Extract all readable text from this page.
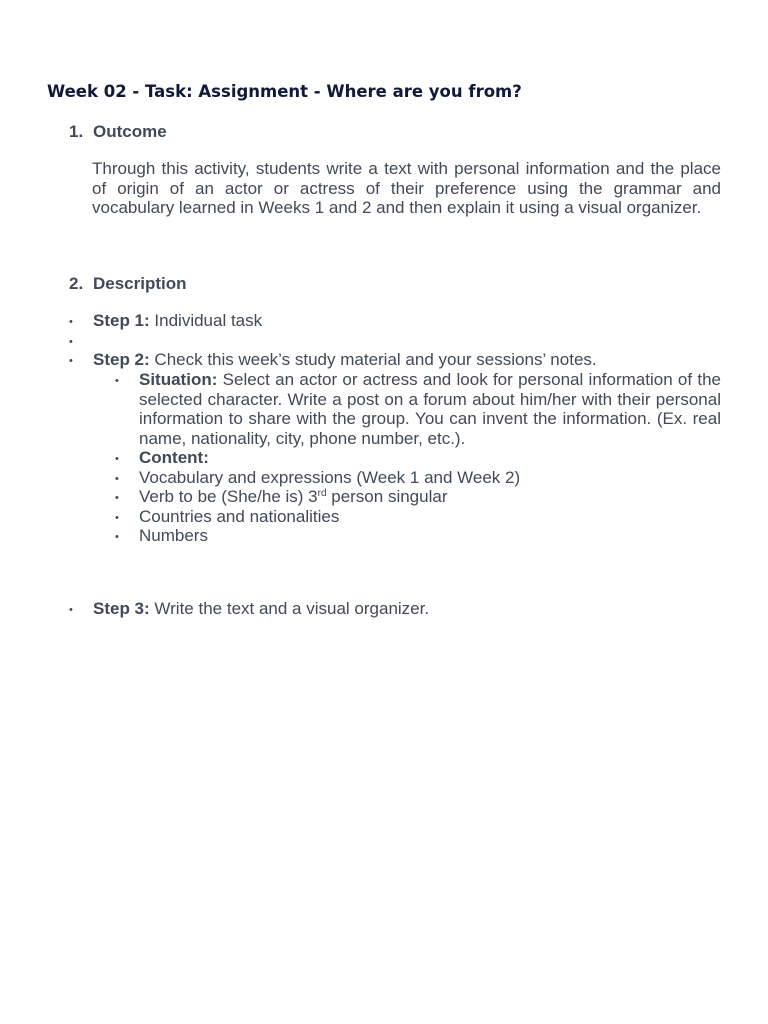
Week 02 - Task: Assignment - Where are you from?
1. Outcome

Through this activity, students write a text with personal information and the place of origin of an actor or actress of their preference using the grammar and vocabulary learned in Weeks 1 and 2 and then explain it using a visual organizer.

2. Description
• Step 1: Individual task
•
• Step 2: Check this week’s study material and your sessions’ notes.
• Situation: Select an actor or actress and look for personal information of the selected character. Write a post on a forum about him/her with their personal information to share with the group. You can invent the information. (Ex. real name, nationality, city, phone number, etc.).

• Content:
• Vocabulary and expressions (Week 1 and Week 2)
• Verb to be (She/he is) 3rd person singular
• Countries and nationalities
• Numbers
• Step 3: Write the text and a visual organizer.
